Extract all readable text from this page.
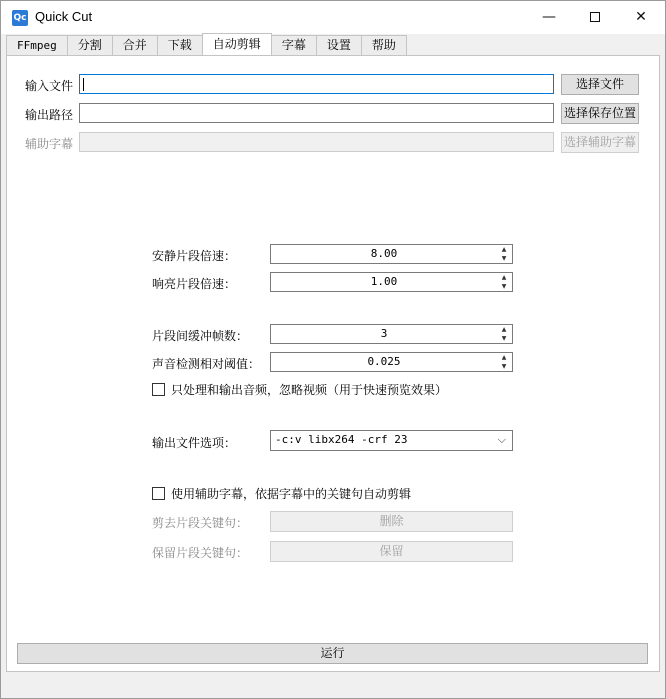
Qc Quick Cut	—	✕
FFmpeg	分割	合并	下载	自动剪辑	字幕	设置	帮助
输入文件	选择文件
输出路径	选择保存位置
辅助字幕	选择辅助字幕
安静片段倍速：	8.00	▲
▼
响亮片段倍速：	1.00	▲
▼
片段间缓冲帧数：	3	▲
▼
声音检测相对阈值：	0.025	▲
▼
只处理和输出音频，忽略视频（用于快速预览效果）
输出文件选项：	-c:v libx264 -crf 23	⌵
使用辅助字幕，依据字幕中的关键句自动剪辑
剪去片段关键句：	删除
保留片段关键句：	保留
运行
